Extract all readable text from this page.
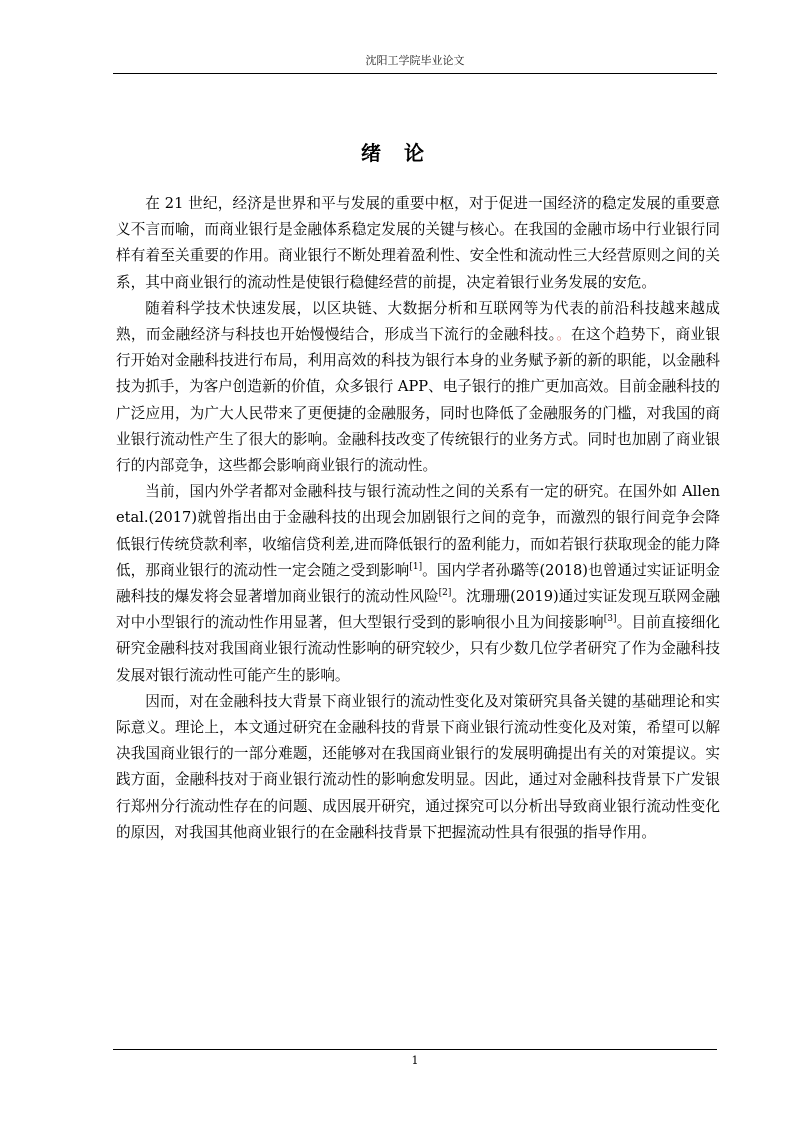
沈阳工学院毕业论文
绪 论

在 21 世纪，经济是世界和平与发展的重要中枢，对于促进一国经济的稳定发展的重要意义不言而喻，而商业银行是金融体系稳定发展的关键与核心。在我国的金融市场中行业银行同样有着至关重要的作用。商业银行不断处理着盈利性、安全性和流动性三大经营原则之间的关系，其中商业银行的流动性是使银行稳健经营的前提，决定着银行业务发展的安危。

随着科学技术快速发展，以区块链、大数据分析和互联网等为代表的前沿科技越来越成熟，而金融经济与科技也开始慢慢结合，形成当下流行的金融科技。。在这个趋势下，商业银行开始对金融科技进行布局，利用高效的科技为银行本身的业务赋予新的新的职能，以金融科技为抓手，为客户创造新的价值，众多银行 APP、电子银行的推广更加高效。目前金融科技的广泛应用，为广大人民带来了更便捷的金融服务，同时也降低了金融服务的门槛，对我国的商业银行流动性产生了很大的影响。金融科技改变了传统银行的业务方式。同时也加剧了商业银行的内部竞争，这些都会影响商业银行的流动性。

当前，国内外学者都对金融科技与银行流动性之间的关系有一定的研究。在国外如 Allen etal.(2017)就曾指出由于金融科技的出现会加剧银行之间的竞争，而激烈的银行间竞争会降低银行传统贷款利率，收缩信贷利差,进而降低银行的盈利能力，而如若银行获取现金的能力降低，那商业银行的流动性一定会随之受到影响[1]。国内学者孙璐等(2018)也曾通过实证证明金融科技的爆发将会显著增加商业银行的流动性风险[2]。沈珊珊(2019)通过实证发现互联网金融对中小型银行的流动性作用显著，但大型银行受到的影响很小且为间接影响[3]。目前直接细化研究金融科技对我国商业银行流动性影响的研究较少，只有少数几位学者研究了作为金融科技发展对银行流动性可能产生的影响。

因而，对在金融科技大背景下商业银行的流动性变化及对策研究具备关键的基础理论和实际意义。理论上，本文通过研究在金融科技的背景下商业银行流动性变化及对策，希望可以解决我国商业银行的一部分难题，还能够对在我国商业银行的发展明确提出有关的对策提议。实践方面，金融科技对于商业银行流动性的影响愈发明显。因此，通过对金融科技背景下广发银行郑州分行流动性存在的问题、成因展开研究，通过探究可以分析出导致商业银行流动性变化的原因，对我国其他商业银行的在金融科技背景下把握流动性具有很强的指导作用。

1
